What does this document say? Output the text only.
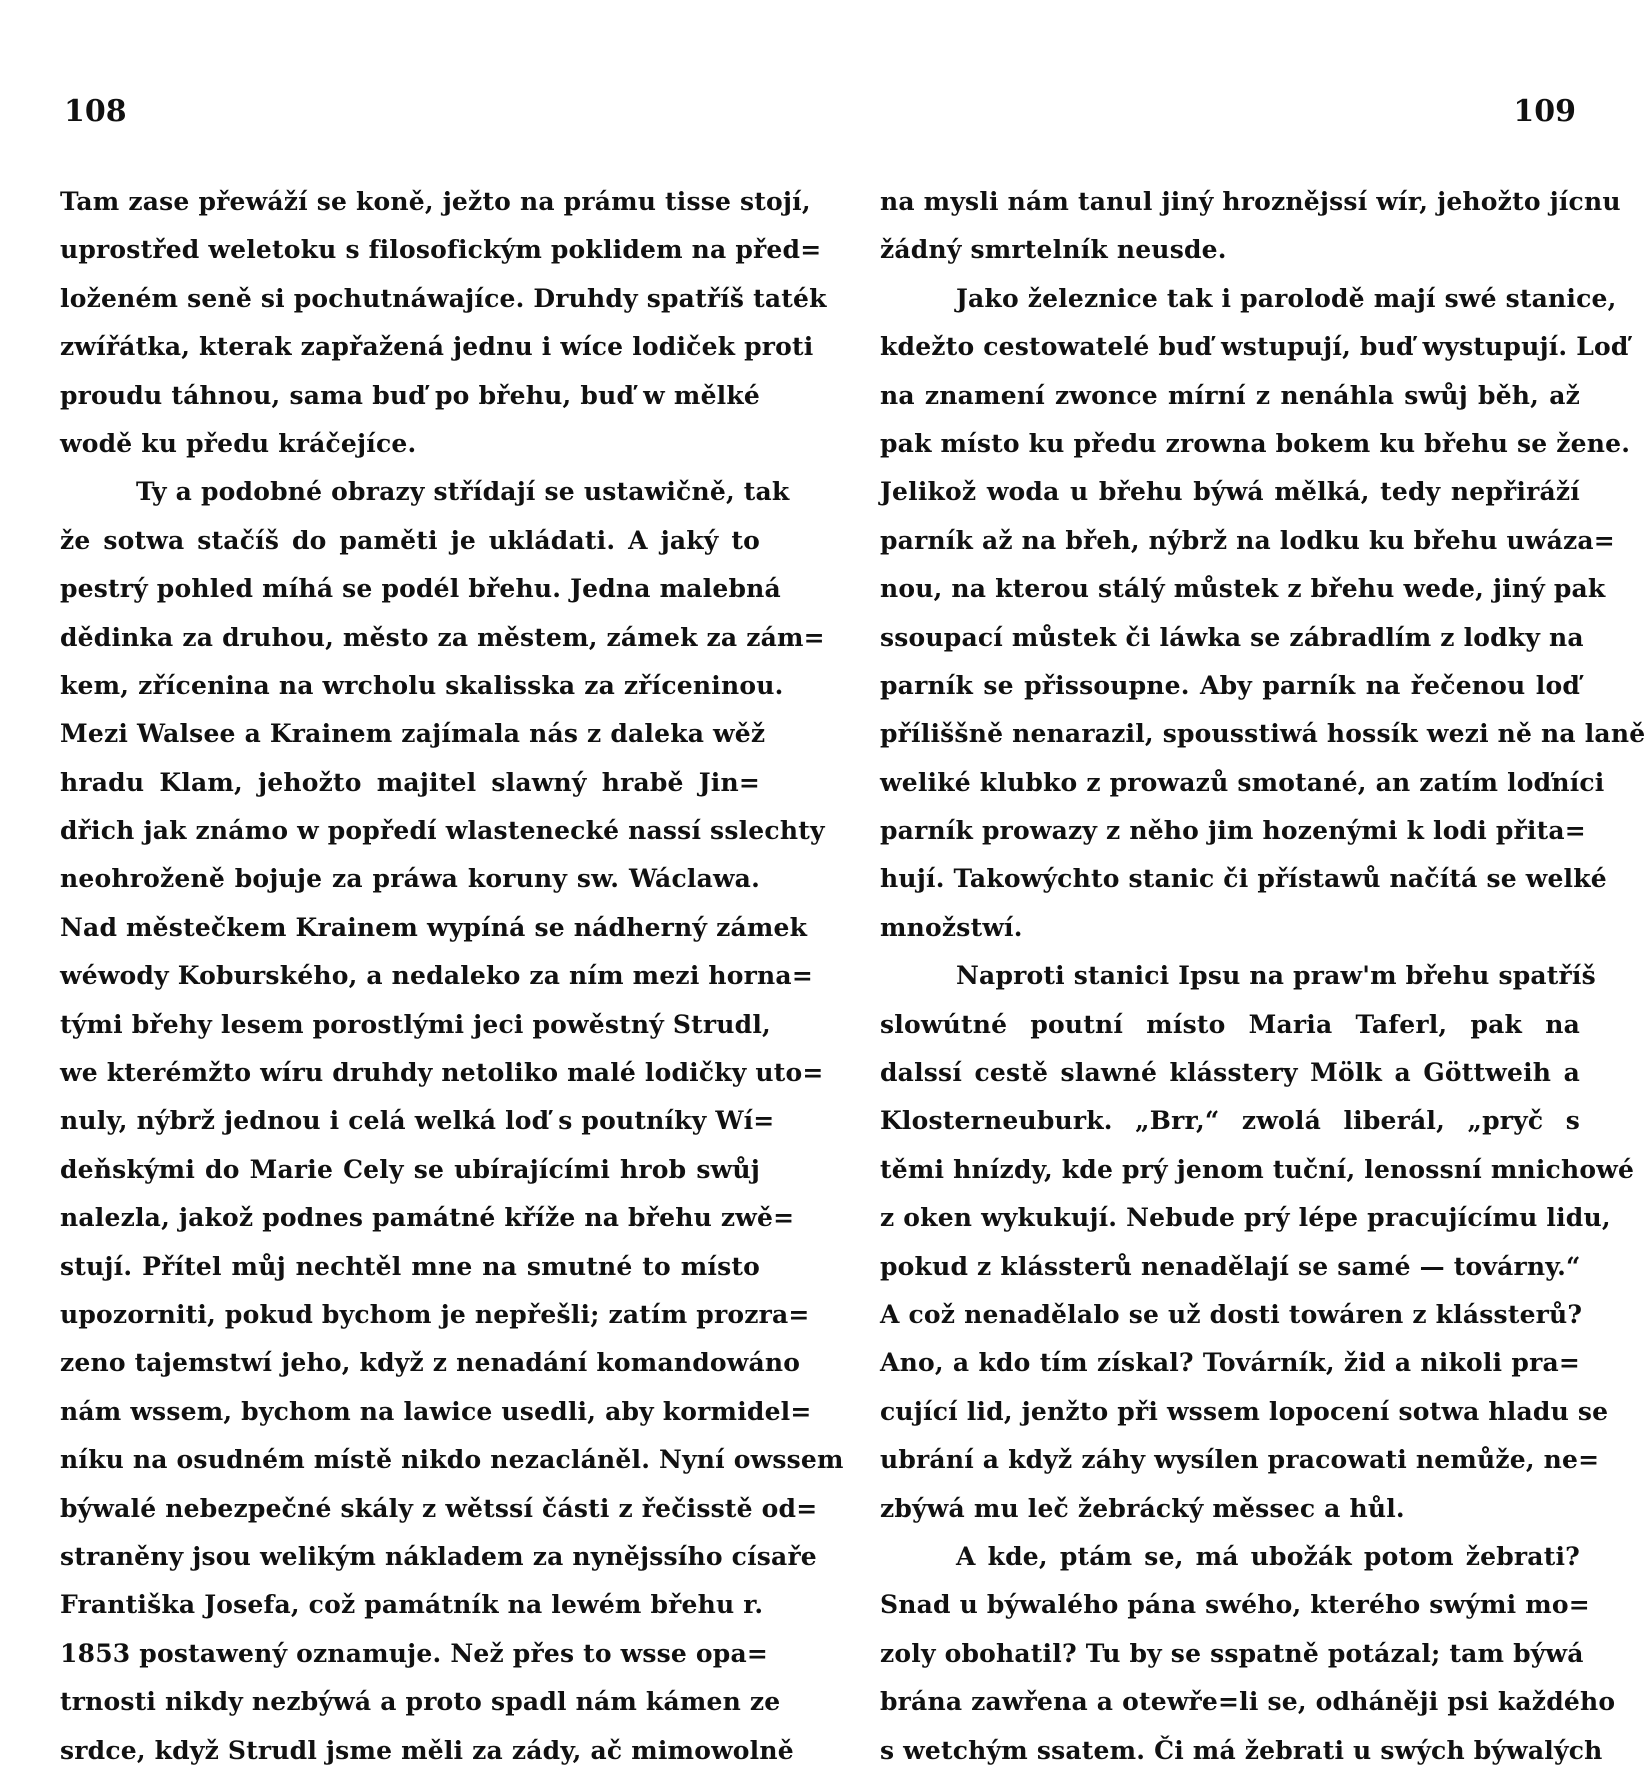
108
Tam zase přewáží se koně, ježto na prámu tisse stojí,
uprostřed weletoku s filosofickým poklidem na před=
loženém seně si pochutnáwajíce. Druhdy spatříš taték
zwířátka, kterak zapřažená jednu i wíce lodiček proti
proudu táhnou, sama buď po břehu, buď w mělké
wodě ku předu kráčejíce.
Ty a podobné obrazy střídají se ustawičně, tak
že sotwa stačíš do paměti je ukládati. A jaký to
pestrý pohled míhá se podél břehu. Jedna malebná
dědinka za druhou, město za městem, zámek za zám=
kem, zřícenina na wrcholu skalisska za zříceninou.
Mezi Walsee a Krainem zajímala nás z daleka wěž
hradu Klam, jehožto majitel slawný hrabě Jin=
dřich jak známo w popředí wlastenecké nassí sslechty
neohroženě bojuje za práwa koruny sw. Wáclawa.
Nad městečkem Krainem wypíná se nádherný zámek
wéwody Koburského, a nedaleko za ním mezi horna=
tými břehy lesem porostlými jeci powěstný Strudl,
we kterémžto wíru druhdy netoliko malé lodičky uto=
nuly, nýbrž jednou i celá welká loď s poutníky Wí=
deňskými do Marie Cely se ubírajícími hrob swůj
nalezla, jakož podnes památné kříže na břehu zwě=
stují. Přítel můj nechtěl mne na smutné to místo
upozorniti, pokud bychom je nepřešli; zatím prozra=
zeno tajemstwí jeho, když z nenadání komandowáno
nám wssem, bychom na lawice usedli, aby kormidel=
níku na osudném místě nikdo nezacláněl. Nyní owssem
býwalé nebezpečné skály z wětssí části z řečisstě od=
straněny jsou welikým nákladem za nynějssího císaře
Františka Josefa, což památník na lewém břehu r.
1853 postawený oznamuje. Než přes to wsse opa=
trnosti nikdy nezbýwá a proto spadl nám kámen ze
srdce, když Strudl jsme měli za zády, ač mimowolně
109
na mysli nám tanul jiný hroznějssí wír, jehožto jícnu
žádný smrtelník neusde.
Jako železnice tak i parolodě mají swé stanice,
kdežto cestowatelé buď wstupují, buď wystupují. Loď
na znamení zwonce mírní z nenáhla swůj běh, až
pak místo ku předu zrowna bokem ku břehu se žene.
Jelikož woda u břehu býwá mělká, tedy nepřiráží
parník až na břeh, nýbrž na lodku ku břehu uwáza=
nou, na kterou stálý můstek z břehu wede, jiný pak
ssoupací můstek či láwka se zábradlím z lodky na
parník se přissoupne. Aby parník na řečenou loď
příliššně nenarazil, spousstiwá hossík wezi ně na laně
weliké klubko z prowazů smotané, an zatím loďníci
parník prowazy z něho jim hozenými k lodi přita=
hují. Takowýchto stanic či přístawů načítá se welké
množstwí.
Naproti stanici Ipsu na praw'm břehu spatříš
slowútné poutní místo Maria Taferl, pak na
dalssí cestě slawné klásstery Mölk a Göttweih a
Klosterneuburk. „Brr,“ zwolá liberál, „pryč s
těmi hnízdy, kde prý jenom tuční, lenossní mnichowé
z oken wykukují. Nebude prý lépe pracujícímu lidu,
pokud z klássterů nenadělají se samé — továrny.“
A což nenadělalo se už dosti towáren z klássterů?
Ano, a kdo tím získal? Továrník, žid a nikoli pra=
cující lid, jenžto při wssem lopocení sotwa hladu se
ubrání a když záhy wysílen pracowati nemůže, ne=
zbýwá mu leč žebrácký měssec a hůl.
A kde, ptám se, má ubožák potom žebrati?
Snad u býwalého pána swého, kterého swými mo=
zoly obohatil? Tu by se sspatně potázal; tam býwá
brána zawřena a otewře=li se, odháněji psi každého
s wetchým ssatem. Či má žebrati u swých býwalých
